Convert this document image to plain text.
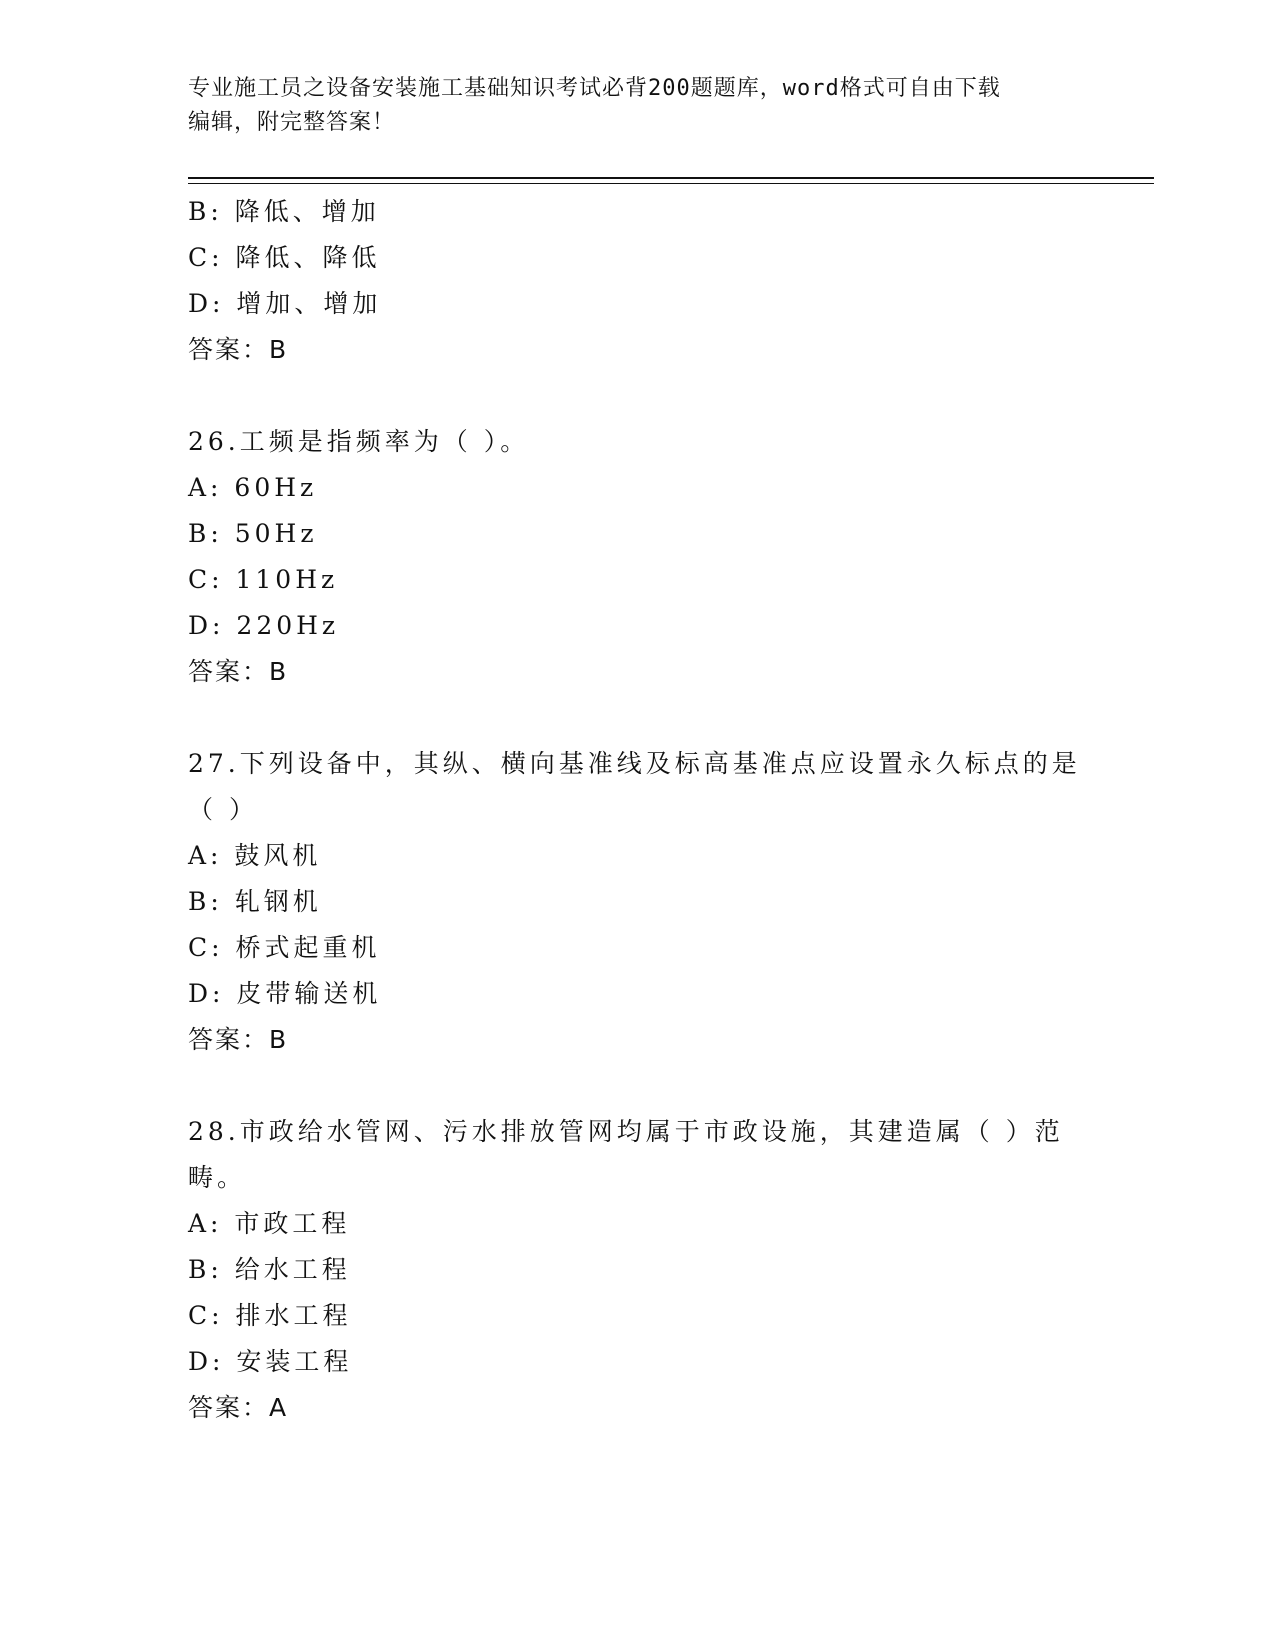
专业施工员之设备安装施工基础知识考试必背200题题库，word格式可自由下载
编辑，附完整答案！
B: 降低、增加
C: 降低、降低
D: 增加、增加
答案：B
26.工频是指频率为（ ）。
A: 60Hz
B: 50Hz
C: 110Hz
D: 220Hz
答案：B
27.下列设备中，其纵、横向基准线及标高基准点应设置永久标点的是
（ ）
A: 鼓风机
B: 轧钢机
C: 桥式起重机
D: 皮带输送机
答案：B
28.市政给水管网、污水排放管网均属于市政设施，其建造属（ ）范
畴。
A: 市政工程
B: 给水工程
C: 排水工程
D: 安装工程
答案：A
